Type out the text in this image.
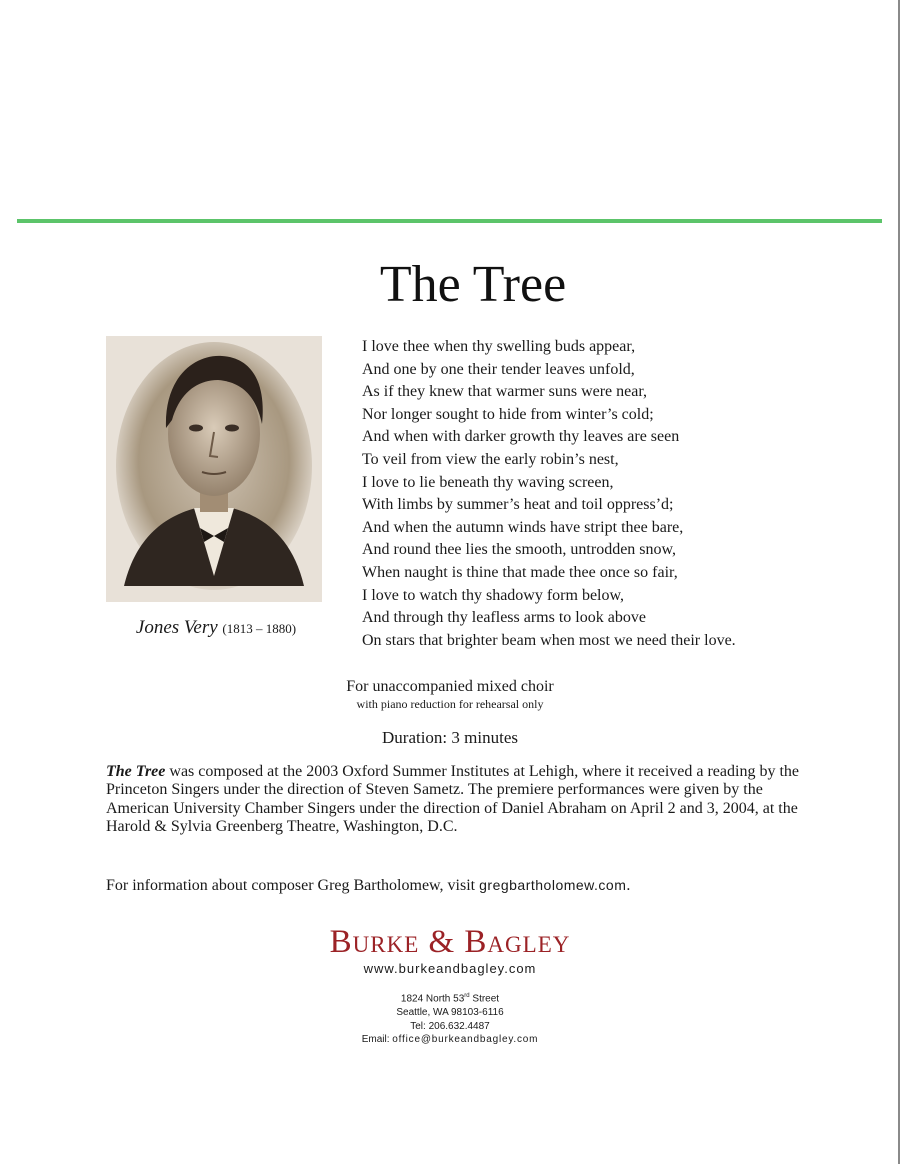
The Tree
Jones Very (1813 – 1880)
I love thee when thy swelling buds appear,
And one by one their tender leaves unfold,
As if they knew that warmer suns were near,
Nor longer sought to hide from winter’s cold;
And when with darker growth thy leaves are seen
To veil from view the early robin’s nest,
I love to lie beneath thy waving screen,
With limbs by summer’s heat and toil oppress’d;
And when the autumn winds have stript thee bare,
And round thee lies the smooth, untrodden snow,
When naught is thine that made thee once so fair,
I love to watch thy shadowy form below,
And through thy leafless arms to look above
On stars that brighter beam when most we need their love.
For unaccompanied mixed choir
with piano reduction for rehearsal only
Duration: 3 minutes
The Tree was composed at the 2003 Oxford Summer Institutes at Lehigh, where it received a reading by the Princeton Singers under the direction of Steven Sametz. The premiere performances were given by the American University Chamber Singers under the direction of Daniel Abraham on April 2 and 3, 2004, at the Harold & Sylvia Greenberg Theatre, Washington, D.C.
For information about composer Greg Bartholomew, visit gregbartholomew.com.
Burke & Bagley
www.burkeandbagley.com
1824 North 53rd Street
Seattle, WA 98103-6116
Tel: 206.632.4487
Email: office@burkeandbagley.com
